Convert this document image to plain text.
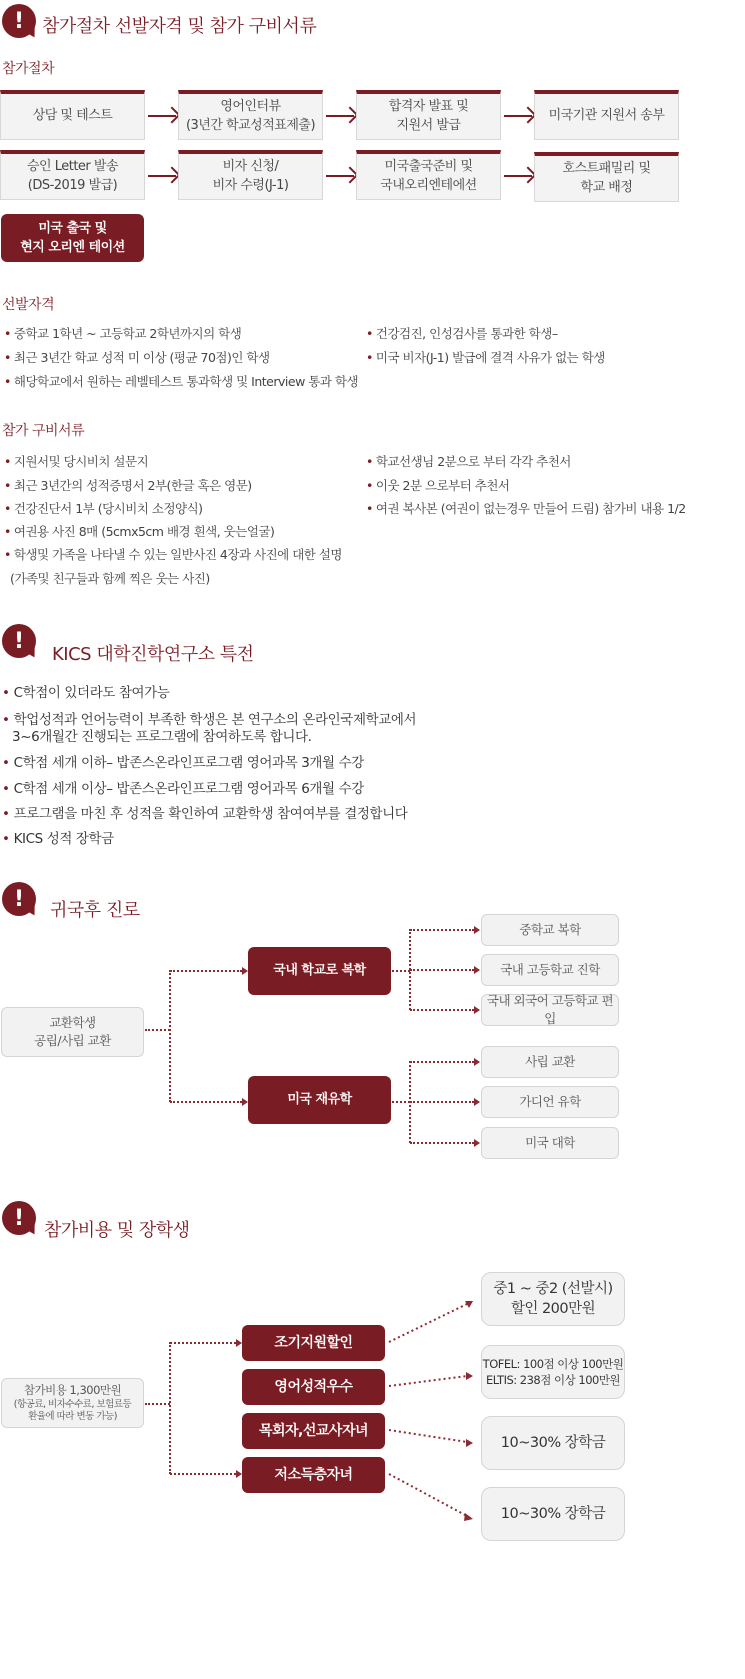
! 참가절차 선발자격 및 참가 구비서류
참가절차
상담 및 테스트
영어인터뷰
(3년간 학교성적표제출)
합격자 발표 및
지원서 발급
미국기관 지원서 송부
승인 Letter 발송
(DS-2019 발급)
비자 신청/
비자 수령(J-1)
미국출국준비 및
국내오리엔테에션
호스트패밀리 및
학교 배정
미국 출국 및
현지 오리엔 테이션
선발자격
• 중학교 1학년 ~ 고등학교 2학년까지의 학생
• 최근 3년간 학교 성적 미 이상 (평균 70점)인 학생
• 해당학교에서 원하는 레벨테스트 통과학생 및 Interview 통과 학생
• 건강검진, 인성검사를 통과한 학생–
• 미국 비자(J-1) 발급에 결격 사유가 없는 학생
참가 구비서류
• 지원서및 당시비치 설문지
• 최근 3년간의 성적증명서 2부(한글 혹은 영문)
• 건강진단서 1부 (당시비치 소정양식)
• 여권용 사진 8매 (5cmx5cm 배경 흰색, 웃는얼굴)
• 학생및 가족을 나타낼 수 있는 일반사진 4장과 사진에 대한 설명
(가족및 친구들과 함께 찍은 웃는 사진)
• 학교선생님 2분으로 부터 각각 추천서
• 이웃 2분 으로부터 추천서
• 여권 복사본 (여권이 없는경우 만들어 드림) 참가비 내용 1/2
!
KICS 대학진학연구소 특전
• C학점이 있더라도 참여가능
• 학업성적과 언어능력이 부족한 학생은 본 연구소의 온라인국제학교에서
3~6개월간 진행되는 프로그램에 참여하도록 합니다.
• C학점 세개 이하– 밥존스온라인프로그램 영어과목 3개월 수강
• C학점 세개 이상– 밥존스온라인프로그램 영어과목 6개월 수강
• 프로그램을 마친 후 성적을 확인하여 교환학생 참여여부를 결정합니다
• KICS 성적 장학금
!	귀국후 진로
교환학생
공립/사립 교환
국내 학교로 복학
미국 재유학
중학교 복학
국내 고등학교 진학
국내 외국어 고등학교 편입
사립 교환
가디언 유학
미국 대학
!	참가비용 및 장학생
참가비용 1,300만원
(항공료, 비자수수료, 보험료등
환율에 따라 변동 가능)
조기지원할인
영어성적우수
목회자,선교사자녀
저소득층자녀
중1 ~ 중2 (선발시)
할인 200만원
TOFEL: 100점 이상 100만원
ELTIS: 238점 이상 100만원
10~30% 장학금
10~30% 장학금
